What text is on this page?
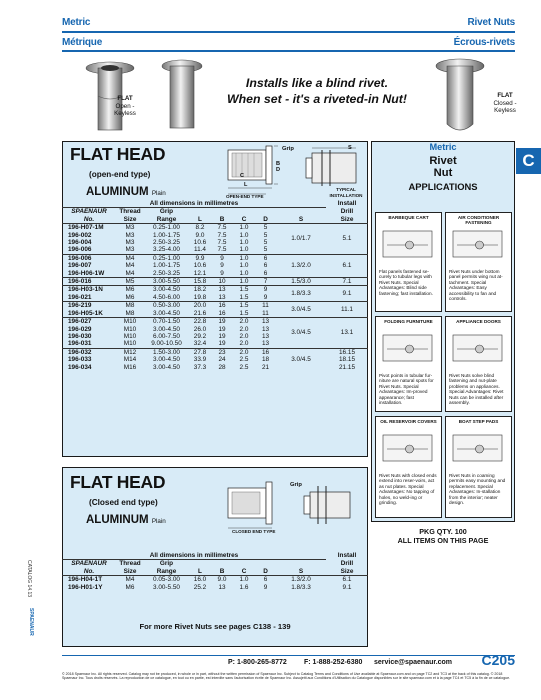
Metric
Métrique
Rivet Nuts
Écrous-rivets
FLAT
Open -
Keyless
Installs like a blind rivet.
When set - it's a riveted-in Nut!	FLAT
Closed -
Keyless
C
FLAT HEAD
(open-end type)
ALUMINUM Plain
Grip	S
B
D
C
L
OPEN-END TYPE
TYPICAL INSTALLATION
All dimensions in millimetres								Install
SPAENAUR	Thread	Grip						Drill
No.	Size	Range	L	B	C	D	S	Size
196-H07-1M	M3	0.25-1.00	8.2	7.5	1.0	5	1.0/1.7	5.1
196-002	M3	1.00-1.75	9.0	7.5	1.0	5		
196-004	M3	2.50-3.25	10.6	7.5	1.0	5		
196-006	M3	3.25-4.00	11.4	7.5	1.0	5		
196-006	M4	0.25-1.00	9.9	9	1.0	6	1.3/2.0	6.1
196-007	M4	1.00-1.75	10.6	9	1.0	6		
196-H06-1W	M4	2.50-3.25	12.1	9	1.0	6		
196-016	M5	3.00-5.50	15.8	10	1.0	7	1.5/3.0	7.1
196-H03-1N	M6	3.00-4.50	18.2	13	1.5	9	1.8/3.3	9.1
196-021	M6	4.50-6.00	19.8	13	1.5	9		
196-219	M8	0.50-3.00	20.0	16	1.5	11	3.0/4.5	11.1
196-H05-1K	M8	3.00-4.50	21.6	16	1.5	11		
196-027	M10	0.70-1.50	22.8	19	2.0	13	3.0/4.5	13.1
196-029	M10	3.00-4.50	26.0	19	2.0	13		
196-030	M10	6.00-7.50	29.2	19	2.0	13		
196-031	M10	9.00-10.50	32.4	19	2.0	13		
196-032	M12	1.50-3.00	27.8	23	2.0	16	3.0/4.5	16.15
196-033	M14	3.00-4.50	33.9	24	2.5	18		18.15
196-034	M16	3.00-4.50	37.3	28	2.5	21		21.15
FLAT HEAD
(Closed end type)
ALUMINUM Plain
Grip
CLOSED END TYPE
All dimensions in millimetres								Install
SPAENAUR	Thread	Grip						Drill
No.	Size	Range	L	B	C	D	S	Size
196-H04-1T	M4	0.05-3.00	16.0	9.0	1.0	6	1.3/2.0	6.1
196-H01-1Y	M6	3.00-5.50	25.2	13	1.6	9	1.8/3.3	9.1
For more Rivet Nuts see pages C138 - 139
Metric
Rivet
Nut
APPLICATIONS
BARBEQUE CART
Flat panels fastened se-curely to tubular legs with Rivet Nuts. Special Advantages: Blind side fastening; fast installation.
AIR CONDITIONER FASTENING
Rivet Nuts under bottom panel permits wing nut at-tachment. Special Advantages: Easy accessibility to fan and controls.
FOLDING FURNITURE
Pivot points in tubular fur-niture are natural spots for Rivet Nuts. Special Advantages: Im-proved appearance; fast installation.
APPLIANCE DOORS
Rivet Nuts solve blind fastening and nut-plate problems on appliances. Special Advantages: Rivet Nuts can be installed after assembly.
OIL RESERVOIR COVERS
Rivet Nuts with closed ends extend into reser-voirs, act as nut plates. Special Advantages: No tapping of holes, no weld-ing or grinding.
BOAT STEP PADS
Rivet Nuts in coaming permits easy mounting and replacement. Special Advantages: In-stallation from the interior; neater design.
PKG QTY. 100
ALL ITEMS ON THIS PAGE
CATALOG 14.13
SPAENAUR
P: 1-800-265-8772 F: 1-888-252-6380 service@spaenaur.com C205
© 2018 Spaenaur Inc. All rights reserved. Catalog may not be produced, in whole or in part, without the written permission of Spaenaur Inc. Subject to Catalog Terms and Conditions of Use available at Spaenaur.com and on page TC2 and TC3 at the back of this catalog. © 2018 Spaenaur Inc. Tous droits réservés. La reproduction de ce catalogue, en tout ou en partie, est interdite sans l'autorisation écrite de Spaenaur Inc. Assujetti aux Conditions d'Utilisation du Catalogue disponibles sur le site spaenaur.com et à la page TC4 et TC5 à la fin de ce catalogue.
